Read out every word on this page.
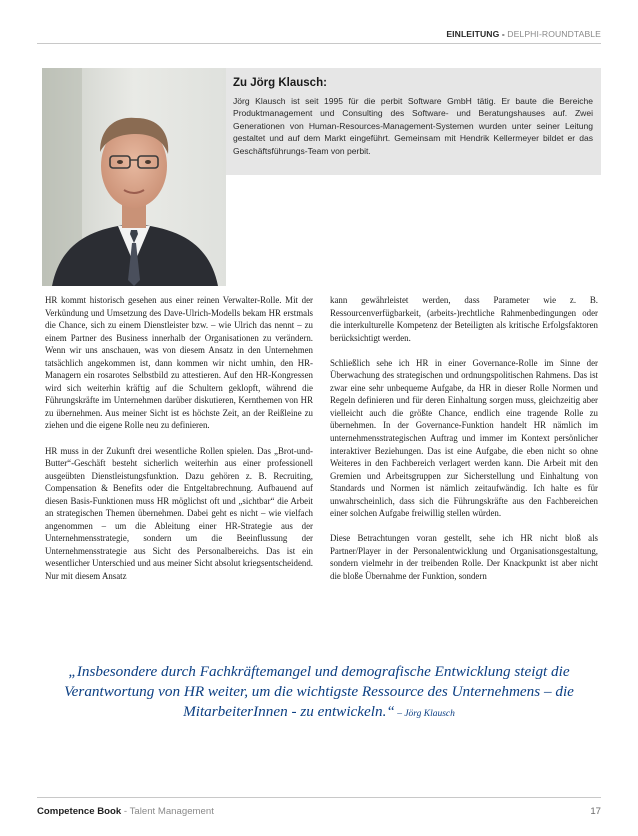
EINLEITUNG - DELPHI-ROUNDTABLE

Zu Jörg Klausch:

Jörg Klausch ist seit 1995 für die perbit Software GmbH tätig. Er baute die Bereiche Produktmanagement und Consulting des Software- und Beratungshauses auf. Zwei Generationen von Human-Resources-Management-Systemen wurden unter seiner Leitung gestaltet und auf dem Markt eingeführt. Gemeinsam mit Hendrik Kellermeyer bildet er das Geschäftsführungs-Team von perbit.

HR kommt historisch gesehen aus einer reinen Verwalter-Rolle. Mit der Verkündung und Umsetzung des Dave-Ulrich-Modells bekam HR erstmals die Chance, sich zu einem Dienstleister bzw. – wie Ulrich das nennt – zu einem Partner des Business innerhalb der Organisationen zu verändern. Wenn wir uns anschauen, was von diesem Ansatz in den Unternehmen tatsächlich angekommen ist, dann kommen wir nicht umhin, den HR-Managern ein rosarotes Selbstbild zu attestieren. Auf den HR-Kongressen wird sich weiterhin kräftig auf die Schultern geklopft, während die Führungskräfte im Unternehmen darüber diskutieren, Kernthemen von HR zu übernehmen. Aus meiner Sicht ist es höchste Zeit, an der Reißleine zu ziehen und die eigene Rolle neu zu definieren.

HR muss in der Zukunft drei wesentliche Rollen spielen. Das „Brot-und-Butter“-Geschäft besteht sicherlich weiterhin aus einer professionell ausgeübten Dienstleistungsfunktion. Dazu gehören z. B. Recruiting, Compensation & Benefits oder die Entgeltabrechnung. Aufbauend auf diesen Basis-Funktionen muss HR möglichst oft und „sichtbar“ die Arbeit an strategischen Themen übernehmen. Dabei geht es nicht – wie vielfach angenommen – um die Ableitung einer HR-Strategie aus der Unternehmensstrategie, sondern um die Beeinflussung der Unternehmensstrategie aus Sicht des Personalbereichs. Das ist ein wesentlicher Unterschied und aus meiner Sicht absolut kriegsentscheidend. Nur mit diesem Ansatz

kann gewährleistet werden, dass Parameter wie z. B. Ressourcenverfügbarkeit, (arbeits-)rechtliche Rahmenbedingungen oder die interkulturelle Kompetenz der Beteiligten als kritische Erfolgsfaktoren berücksichtigt werden.

Schließlich sehe ich HR in einer Governance-Rolle im Sinne der Überwachung des strategischen und ordnungspolitischen Rahmens. Das ist zwar eine sehr unbequeme Aufgabe, da HR in dieser Rolle Normen und Regeln definieren und für deren Einhaltung sorgen muss, gleichzeitig aber vielleicht auch die größte Chance, endlich eine tragende Rolle zu übernehmen. In der Governance-Funktion handelt HR nämlich im unternehmensstrategischen Auftrag und immer im Kontext persönlicher interaktiver Beziehungen. Das ist eine Aufgabe, die eben nicht so ohne Weiteres in den Fachbereich verlagert werden kann. Die Arbeit mit den Gremien und Arbeitsgruppen zur Sicherstellung und Einhaltung von Standards und Normen ist nämlich zeitaufwändig. Ich halte es für unwahrscheinlich, dass sich die Führungskräfte aus den Fachbereichen einer solchen Aufgabe freiwillig stellen würden.

Diese Betrachtungen voran gestellt, sehe ich HR nicht bloß als Partner/Player in der Personalentwicklung und Organisationsgestaltung, sondern vielmehr in der treibenden Rolle. Der Knackpunkt ist aber nicht die bloße Übernahme der Funktion, sondern

„Insbesondere durch Fachkräftemangel und demografische Entwicklung steigt die Verantwortung von HR weiter, um die wichtigste Ressource des Unternehmens – die MitarbeiterInnen - zu entwickeln.“ – Jörg Klausch

Competence Book - Talent Management	17
